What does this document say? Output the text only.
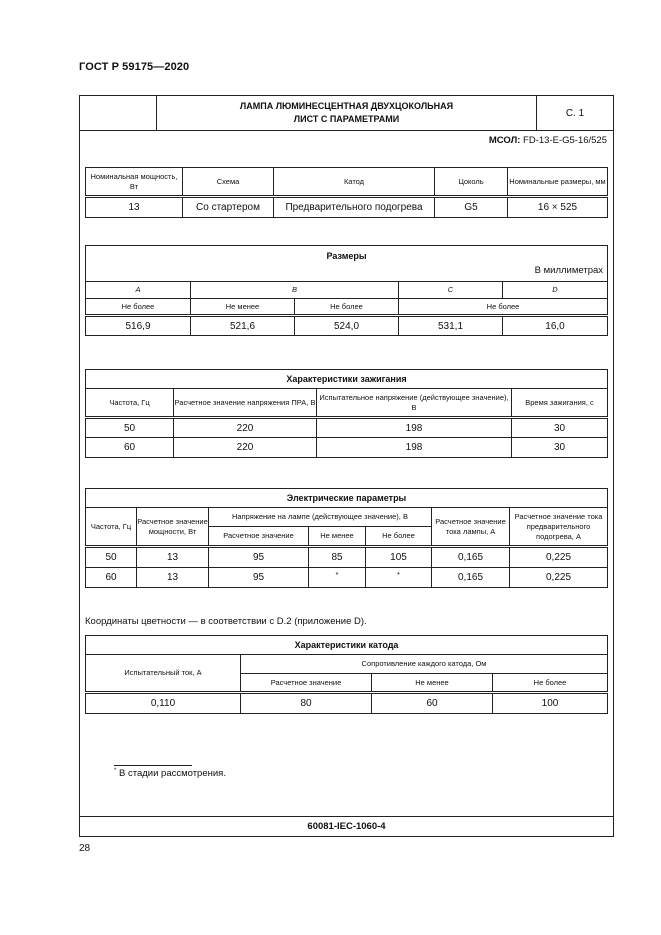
ГОСТ Р 59175—2020
ЛАМПА ЛЮМИНЕСЦЕНТНАЯ ДВУХЦОКОЛЬНАЯ
ЛИСТ С ПАРАМЕТРАМИ
С. 1
МСОЛ: FD-13-E-G5-16/525
Номинальная мощность, Вт	Схема	Катод	Цоколь	Номинальные размеры, мм
13	Со стартером	Предварительного подогрева	G5	16 × 525
Размеры
В миллиметрах				

A	B		C	D
Не более	Не менее	Не более	Не более	
516,9	521,6	524,0	531,1	16,0
Характеристики зажигания			
Частота, Гц	Расчетное значение напряжения ПРА, В	Испытательное напряжение (действующее значение), В	Время зажигания, с
50	220	198	30
60	220	198	30
Электрические параметры						
Частота, Гц	Расчетное значение мощности, Вт	Напряжение на лампе (действующее значение), В			Расчетное значение тока лампы, А	Расчетное значение тока предварительного подогрева, А
		Расчетное значение	Не менее	Не более		
50	13	95	85	105	0,165	0,225
60	13	95	*	*	0,165	0,225
Координаты цветности — в соответствии с D.2 (приложение D).
Характеристики катода			
Испытательный ток, А	Сопротивление каждого катода, Ом		
	Расчетное значение	Не менее	Не более
0,110	80	60	100
* В стадии рассмотрения.
60081-IEC-1060-4
28
